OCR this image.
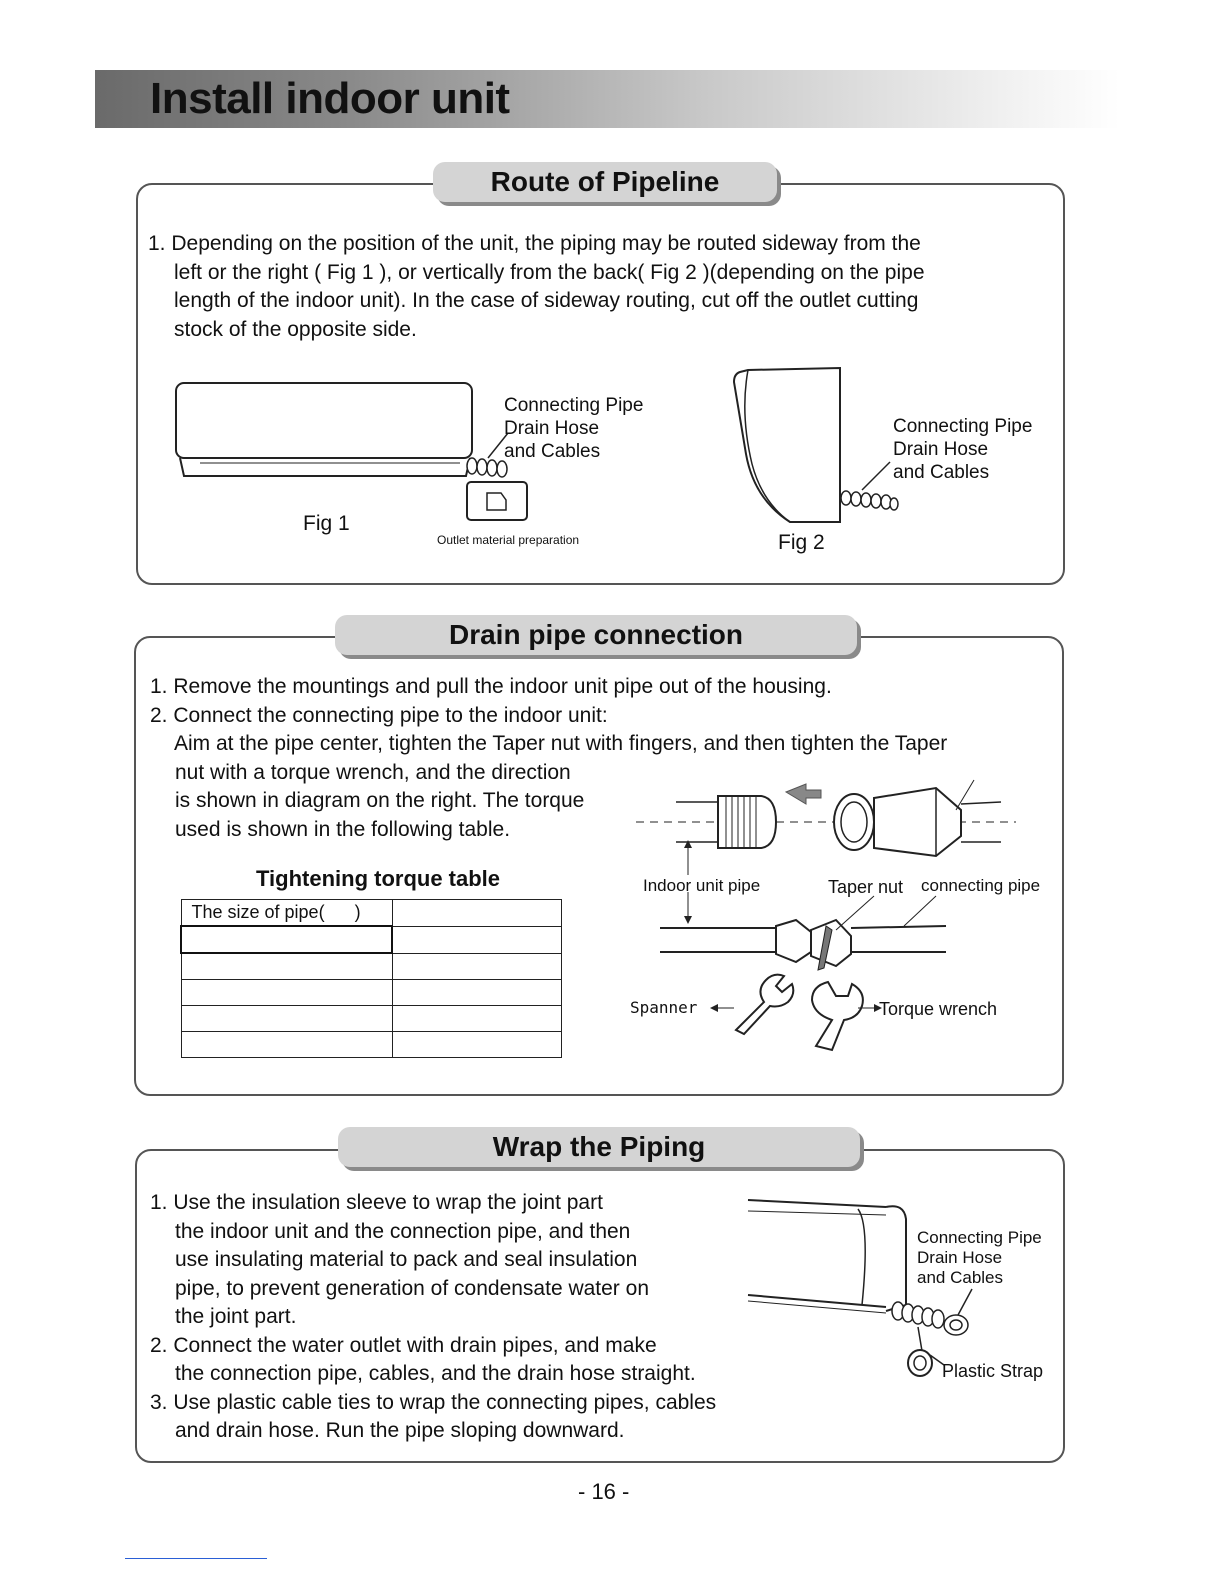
Install indoor unit
Route of Pipeline
1. Depending on the position of the unit, the piping may be routed sideway from the
left or the right ( Fig 1 ), or vertically from the back( Fig 2 )(depending on the pipe
length of the indoor unit). In the case of sideway routing, cut off the outlet cutting
stock of the opposite side.
Connecting Pipe
Drain Hose
and Cables
Fig 1
Outlet material preparation
Connecting Pipe
Drain Hose
and Cables
Fig 2
Drain pipe connection
1. Remove the mountings and pull the indoor unit pipe out of the housing.
2. Connect the connecting pipe to the indoor unit:
Aim at the pipe center, tighten the Taper nut with fingers, and then tighten the Taper
nut with a torque wrench, and the direction
is shown in diagram on the right. The torque
used is shown in the following table.
Tightening torque table
The size of pipe(      )	

Indoor unit pipe	Taper nut connecting pipe
Spanner	Torque wrench
Wrap the Piping
1. Use the insulation sleeve to wrap the joint part
the indoor unit and the connection pipe, and then
use insulating material to pack and seal insulation
pipe, to prevent generation of condensate water on
the joint part.
2. Connect the water outlet with drain pipes, and make
the connection pipe, cables, and the drain hose straight.
3. Use plastic cable ties to wrap the connecting pipes, cables
and drain hose. Run the pipe sloping downward.
Connecting Pipe
Drain Hose
and Cables
Plastic Strap
- 16 -
